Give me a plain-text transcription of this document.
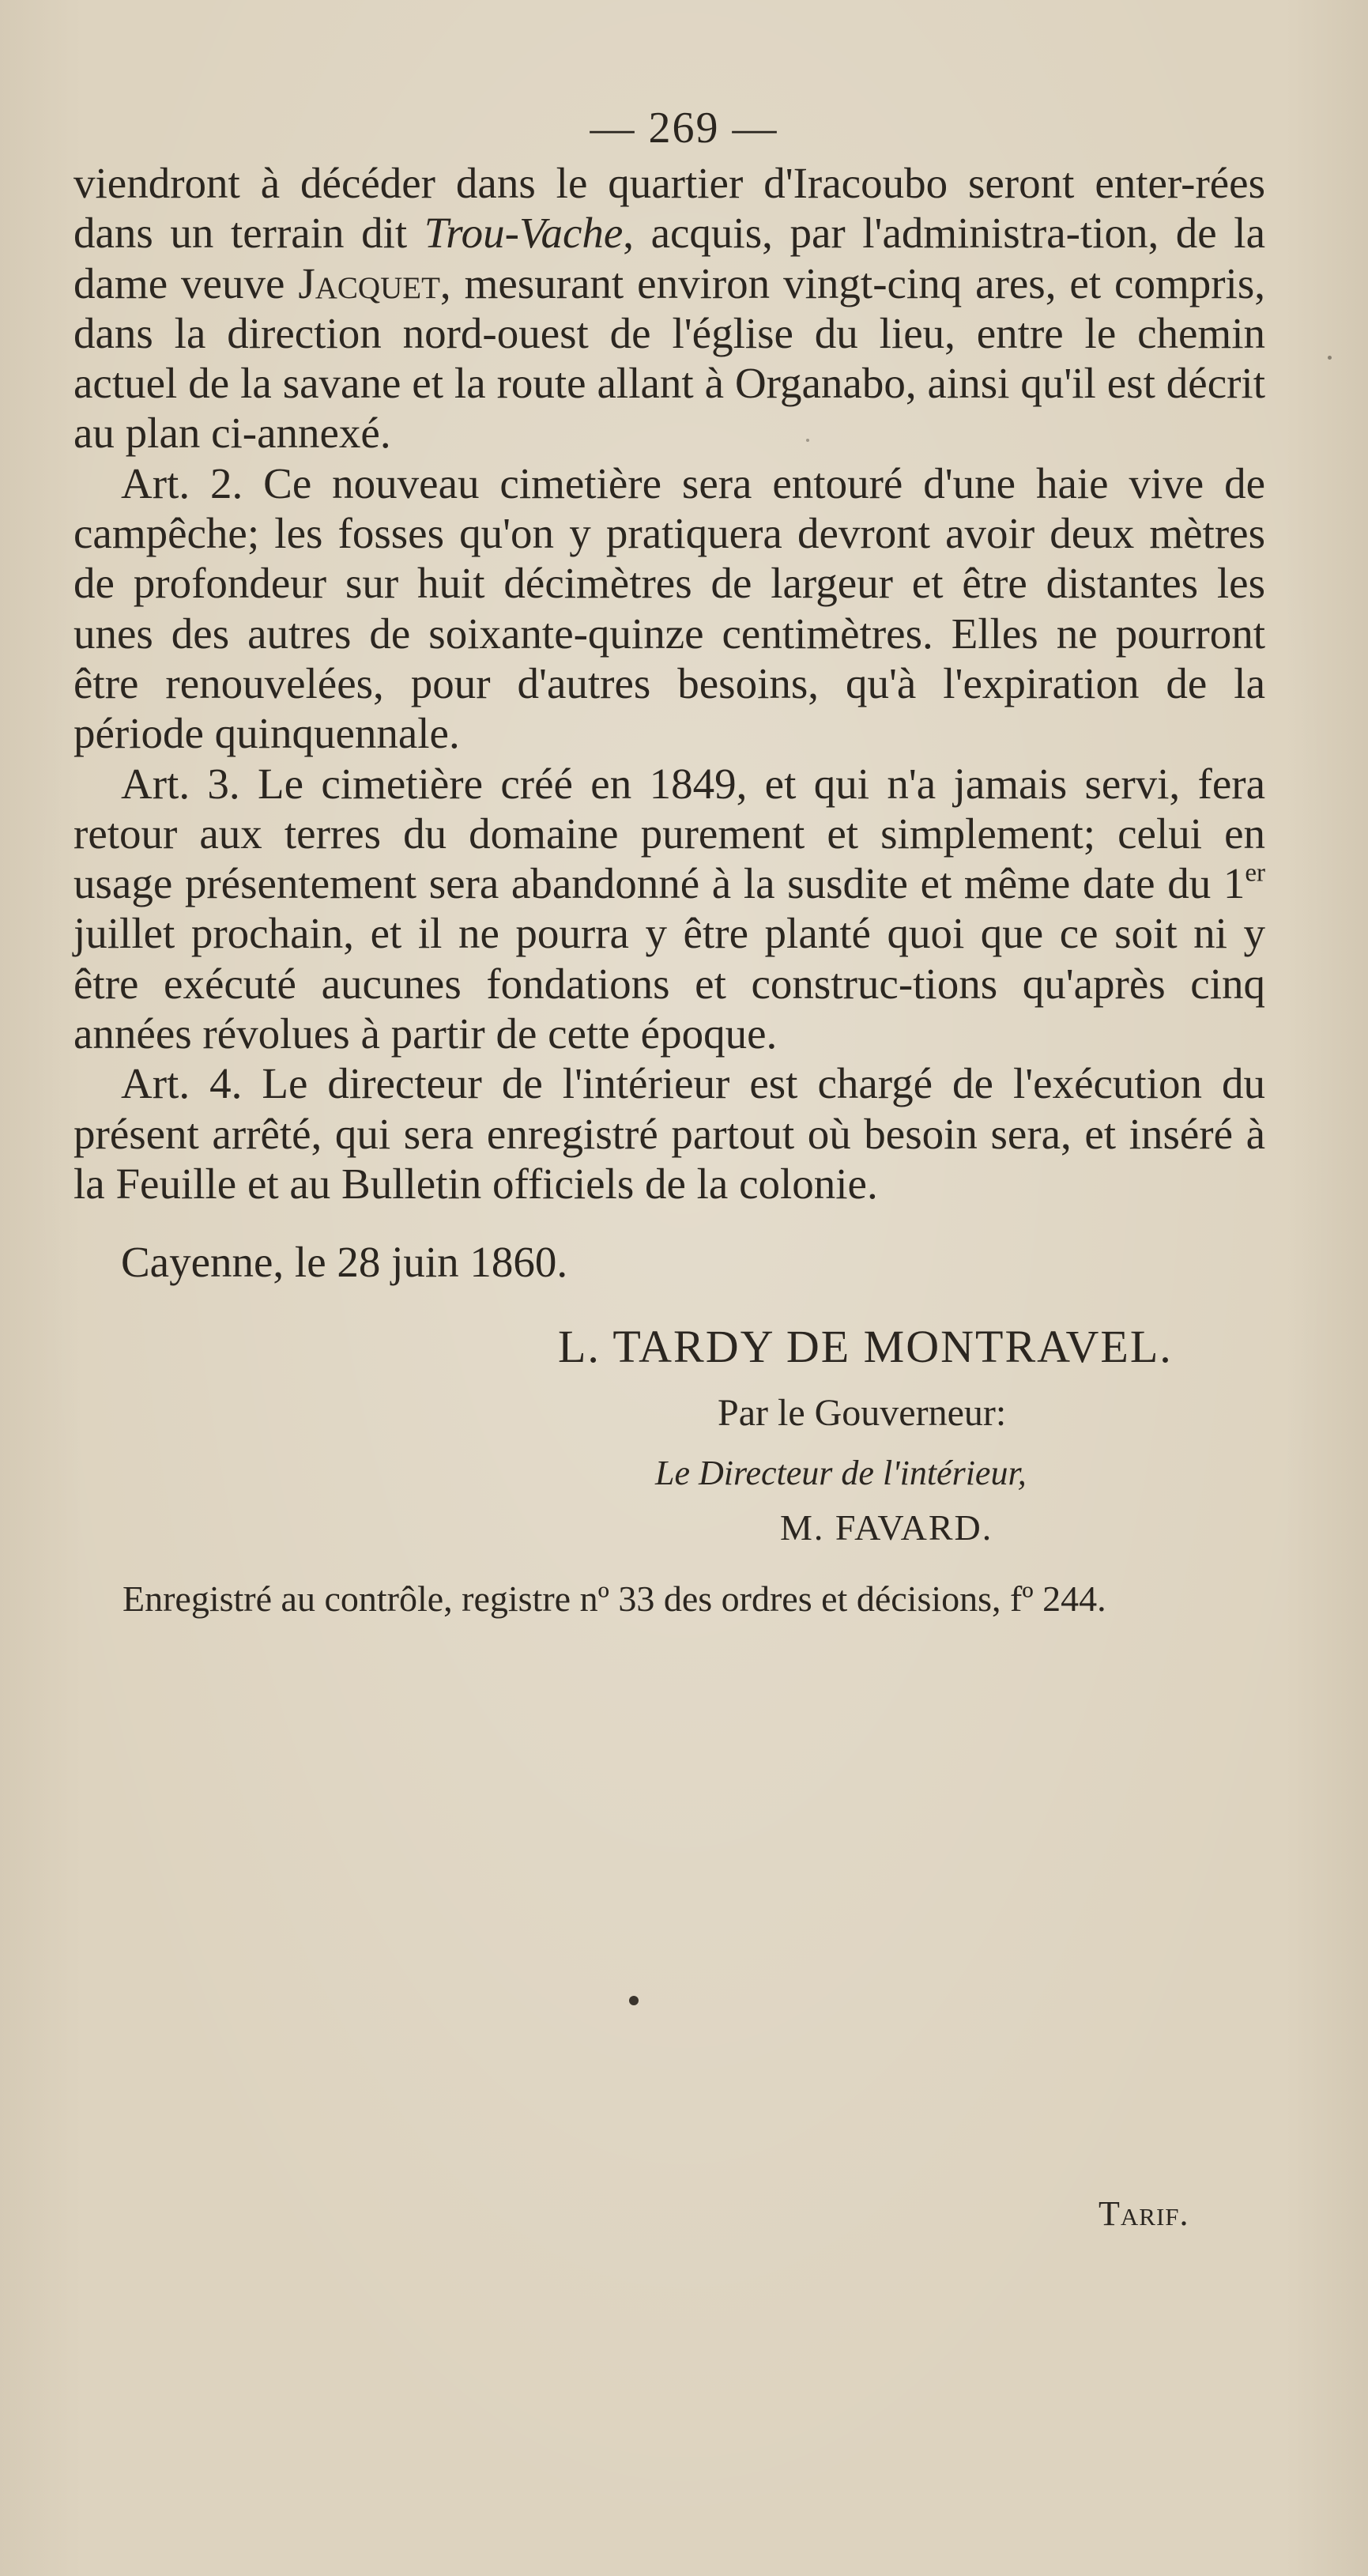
— 269 —

viendront à décéder dans le quartier d'Iracoubo seront enter-rées dans un terrain dit Trou-Vache, acquis, par l'administra-tion, de la dame veuve Jacquet, mesurant environ vingt-cinq ares, et compris, dans la direction nord-ouest de l'église du lieu, entre le chemin actuel de la savane et la route allant à Organabo, ainsi qu'il est décrit au plan ci-annexé.

Art. 2. Ce nouveau cimetière sera entouré d'une haie vive de campêche; les fosses qu'on y pratiquera devront avoir deux mètres de profondeur sur huit décimètres de largeur et être distantes les unes des autres de soixante-quinze centimètres. Elles ne pourront être renouvelées, pour d'autres besoins, qu'à l'expiration de la période quinquennale.

Art. 3. Le cimetière créé en 1849, et qui n'a jamais servi, fera retour aux terres du domaine purement et simplement; celui en usage présentement sera abandonné à la susdite et même date du 1er juillet prochain, et il ne pourra y être planté quoi que ce soit ni y être exécuté aucunes fondations et construc-tions qu'après cinq années révolues à partir de cette époque.

Art. 4. Le directeur de l'intérieur est chargé de l'exécution du présent arrêté, qui sera enregistré partout où besoin sera, et inséré à la Feuille et au Bulletin officiels de la colonie.

Cayenne, le 28 juin 1860.
L. TARDY DE MONTRAVEL.
Par le Gouverneur:
Le Directeur de l'intérieur,
M. FAVARD.
Enregistré au contrôle, registre nº 33 des ordres et décisions, fº 244.
Tarif.
